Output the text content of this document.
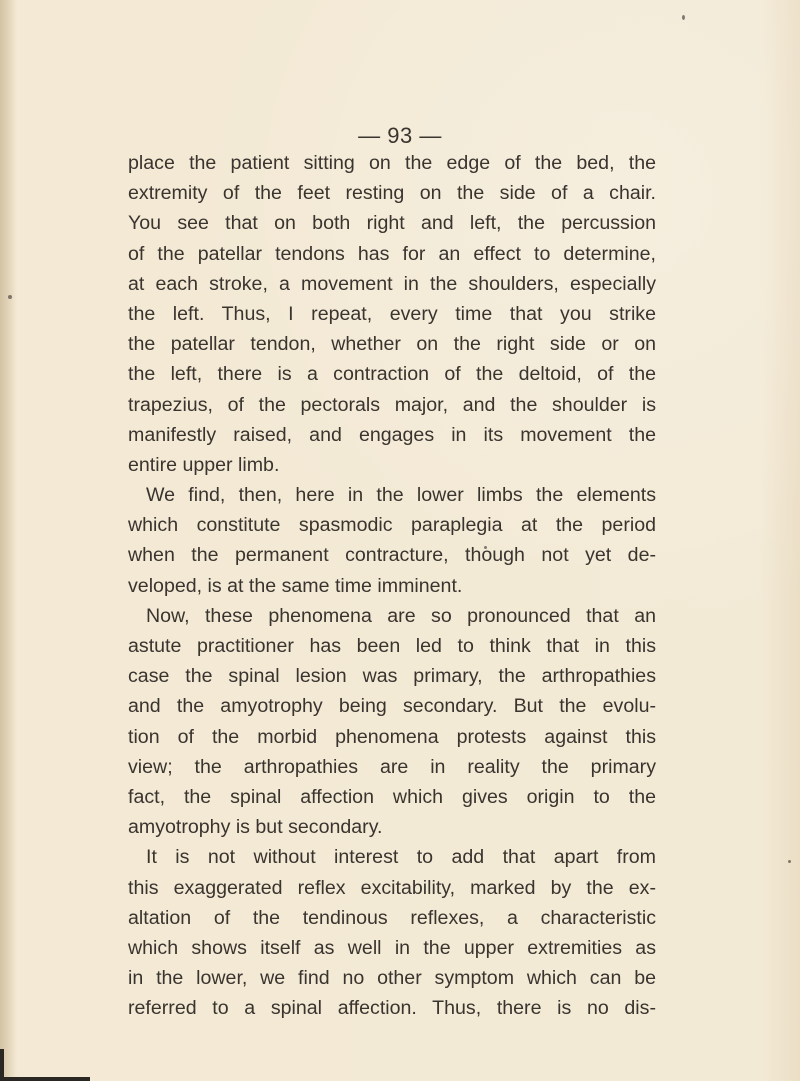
— 93 —
place the patient sitting on the edge of the bed, the
extremity of the feet resting on the side of a chair.
You see that on both right and left, the percussion
of the patellar tendons has for an effect to determine,
at each stroke, a movement in the shoulders, especially
the left. Thus, I repeat, every time that you strike
the patellar tendon, whether on the right side or on
the left, there is a contraction of the deltoid, of the
trapezius, of the pectorals major, and the shoulder is
manifestly raised, and engages in its movement the
entire upper limb.
We find, then, here in the lower limbs the elements
which constitute spasmodic paraplegia at the period
when the permanent contracture, though not yet de-
veloped, is at the same time imminent.
Now, these phenomena are so pronounced that an
astute practitioner has been led to think that in this
case the spinal lesion was primary, the arthropathies
and the amyotrophy being secondary. But the evolu-
tion of the morbid phenomena protests against this
view; the arthropathies are in reality the primary
fact, the spinal affection which gives origin to the
amyotrophy is but secondary.
It is not without interest to add that apart from
this exaggerated reflex excitability, marked by the ex-
altation of the tendinous reflexes, a characteristic
which shows itself as well in the upper extremities as
in the lower, we find no other symptom which can be
referred to a spinal affection. Thus, there is no dis-
